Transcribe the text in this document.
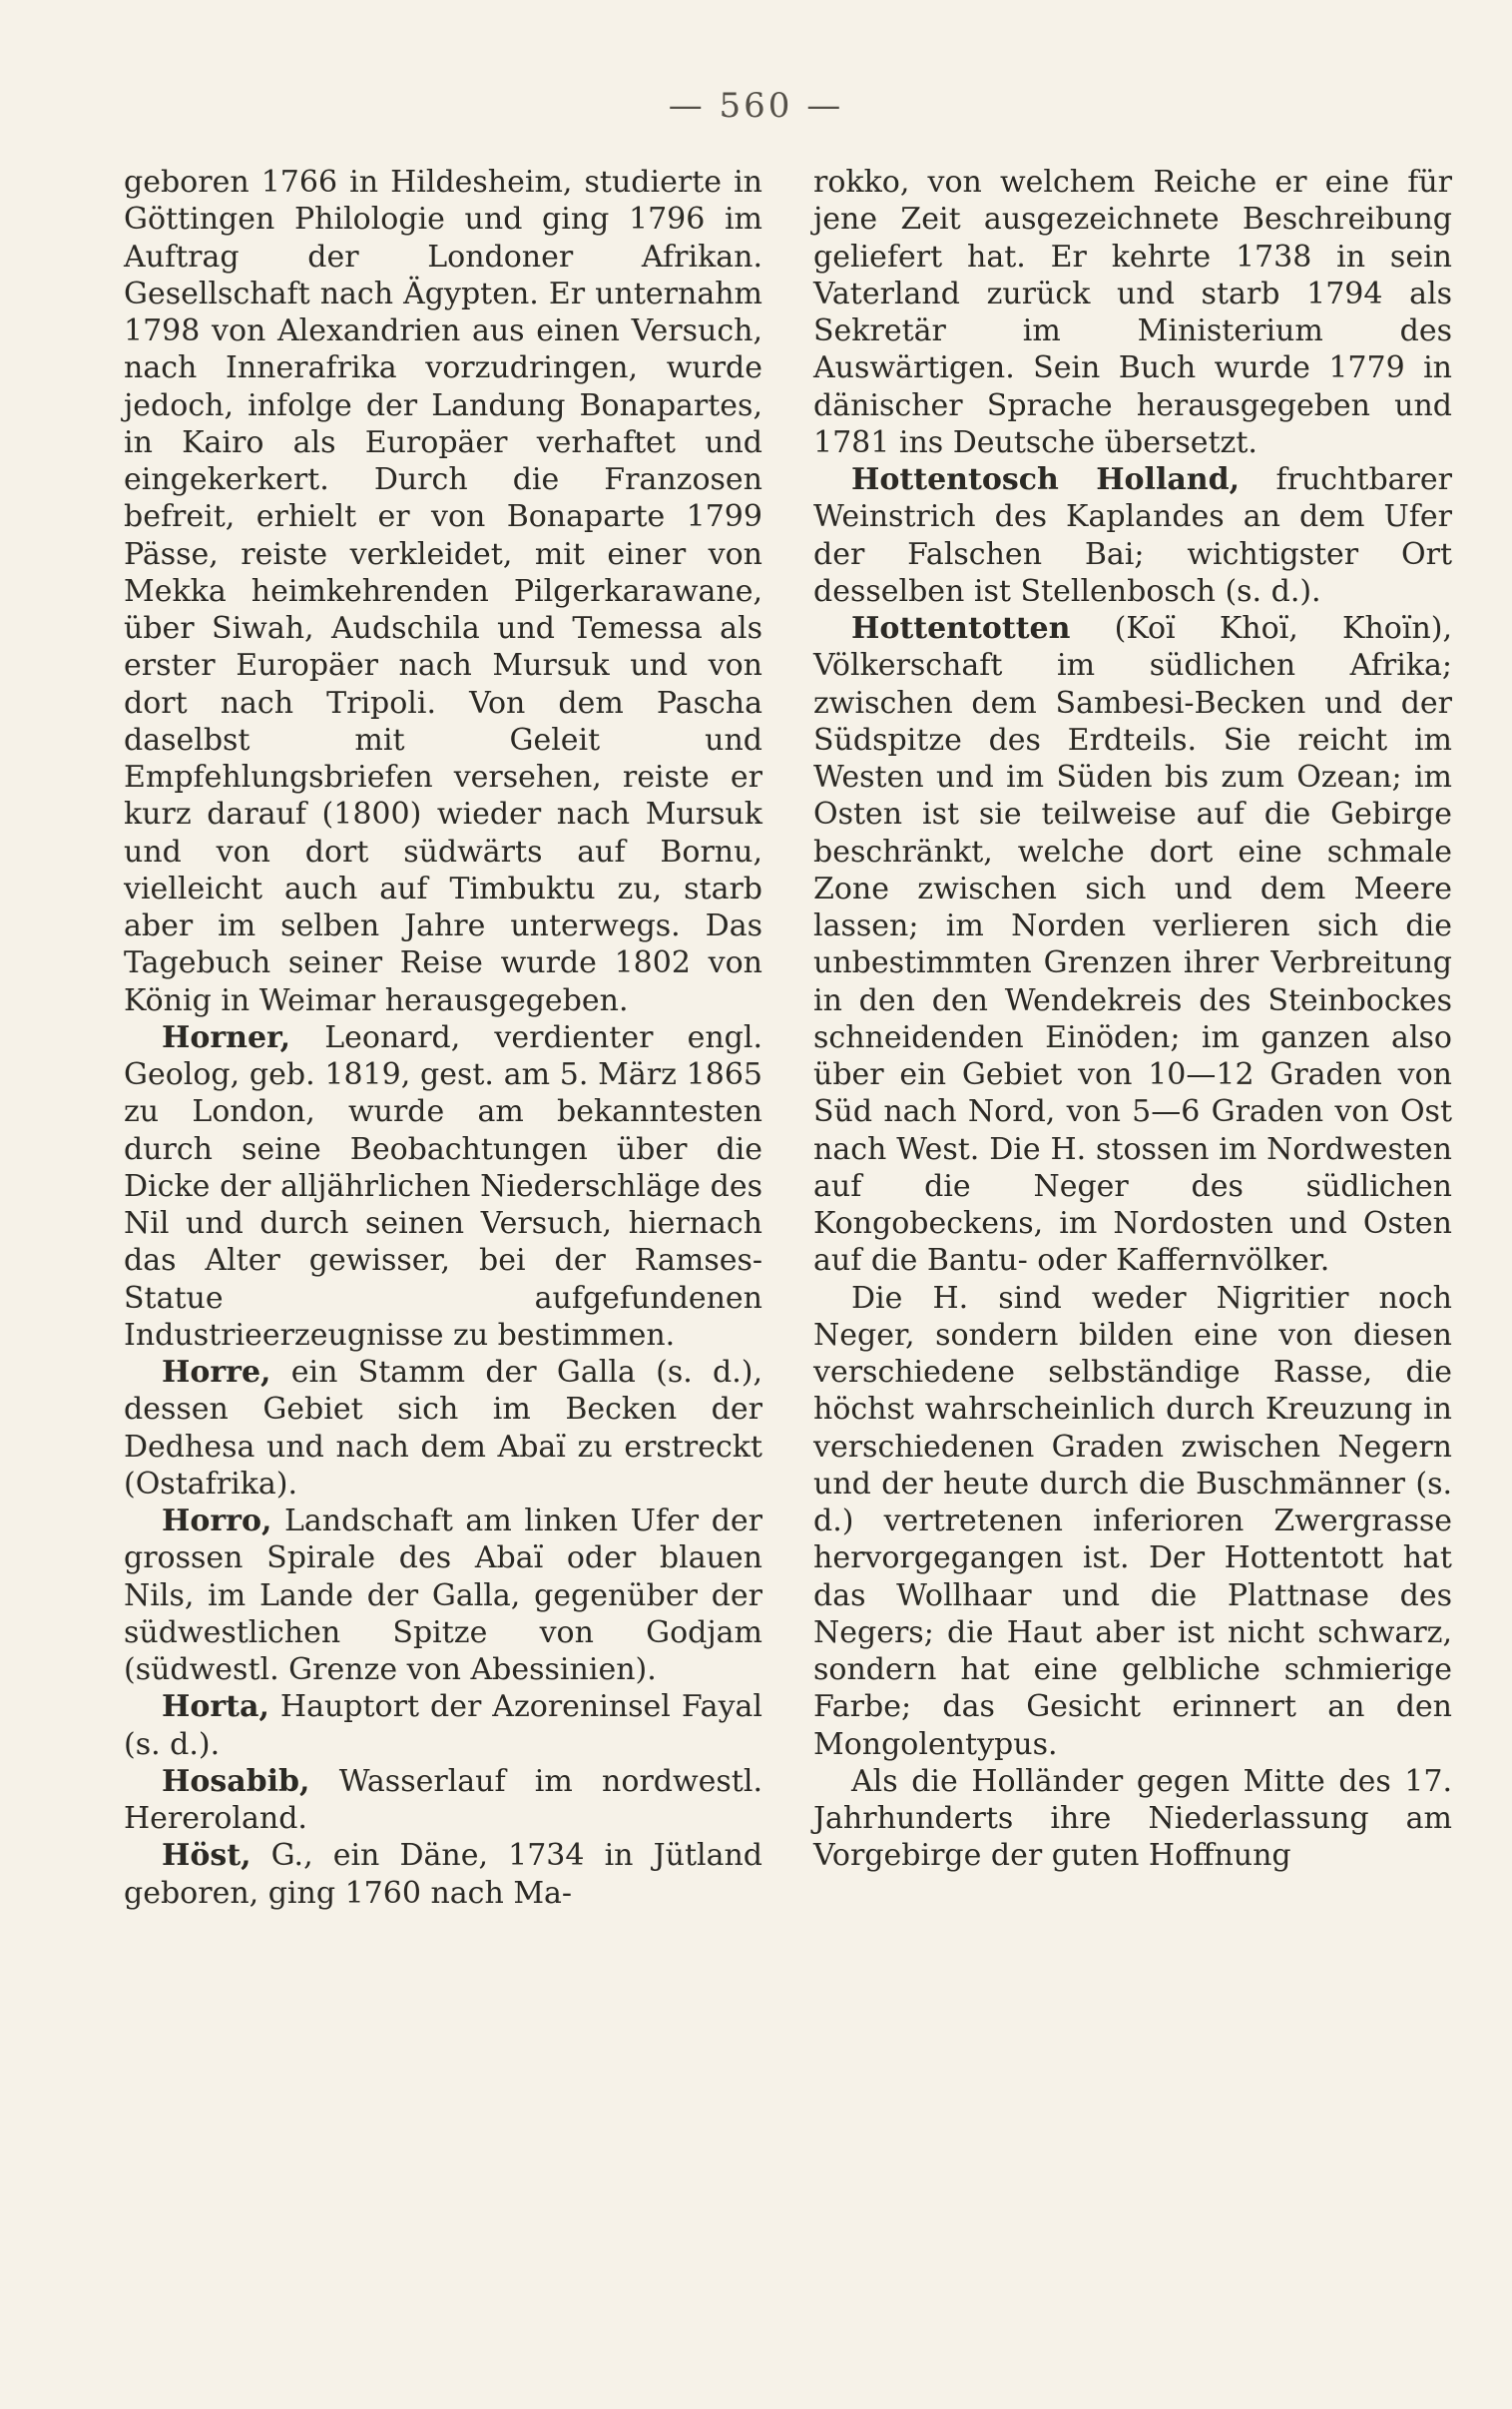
— 560 —

geboren 1766 in Hildesheim, studierte in Göttingen Philologie und ging 1796 im Auftrag der Londoner Afrikan. Gesellschaft nach Ägypten. Er unternahm 1798 von Alexandrien aus einen Versuch, nach Innerafrika vorzudringen, wurde jedoch, infolge der Landung Bonapartes, in Kairo als Europäer verhaftet und eingekerkert. Durch die Franzosen befreit, erhielt er von Bonaparte 1799 Pässe, reiste verkleidet, mit einer von Mekka heimkehrenden Pilgerkarawane, über Siwah, Audschila und Temessa als erster Europäer nach Mursuk und von dort nach Tripoli. Von dem Pascha daselbst mit Geleit und Empfehlungsbriefen versehen, reiste er kurz darauf (1800) wieder nach Mursuk und von dort südwärts auf Bornu, vielleicht auch auf Timbuktu zu, starb aber im selben Jahre unterwegs. Das Tagebuch seiner Reise wurde 1802 von König in Weimar herausgegeben.

Horner, Leonard, verdienter engl. Geolog, geb. 1819, gest. am 5. März 1865 zu London, wurde am bekanntesten durch seine Beobachtungen über die Dicke der alljährlichen Niederschläge des Nil und durch seinen Versuch, hiernach das Alter gewisser, bei der Ramses-Statue aufgefundenen Industrieerzeugnisse zu bestimmen.

Horre, ein Stamm der Galla (s. d.), dessen Gebiet sich im Becken der Dedhesa und nach dem Abaï zu erstreckt (Ostafrika).

Horro, Landschaft am linken Ufer der grossen Spirale des Abaï oder blauen Nils, im Lande der Galla, gegenüber der südwestlichen Spitze von Godjam (südwestl. Grenze von Abessinien).

Horta, Hauptort der Azoreninsel Fayal (s. d.).

Hosabib, Wasserlauf im nordwestl. Hereroland.

Höst, G., ein Däne, 1734 in Jütland geboren, ging 1760 nach Ma-

rokko, von welchem Reiche er eine für jene Zeit ausgezeichnete Beschreibung geliefert hat. Er kehrte 1738 in sein Vaterland zurück und starb 1794 als Sekretär im Ministerium des Auswärtigen. Sein Buch wurde 1779 in dänischer Sprache herausgegeben und 1781 ins Deutsche übersetzt.

Hottentosch Holland, fruchtbarer Weinstrich des Kaplandes an dem Ufer der Falschen Bai; wichtigster Ort desselben ist Stellenbosch (s. d.).

Hottentotten (Koï Khoï, Khoïn), Völkerschaft im südlichen Afrika; zwischen dem Sambesi-Becken und der Südspitze des Erdteils. Sie reicht im Westen und im Süden bis zum Ozean; im Osten ist sie teilweise auf die Gebirge beschränkt, welche dort eine schmale Zone zwischen sich und dem Meere lassen; im Norden verlieren sich die unbestimmten Grenzen ihrer Verbreitung in den den Wendekreis des Steinbockes schneidenden Einöden; im ganzen also über ein Gebiet von 10—12 Graden von Süd nach Nord, von 5—6 Graden von Ost nach West. Die H. stossen im Nordwesten auf die Neger des südlichen Kongobeckens, im Nordosten und Osten auf die Bantu- oder Kaffernvölker.

Die H. sind weder Nigritier noch Neger, sondern bilden eine von diesen verschiedene selbständige Rasse, die höchst wahrscheinlich durch Kreuzung in verschiedenen Graden zwischen Negern und der heute durch die Buschmänner (s. d.) vertretenen inferioren Zwergrasse hervorgegangen ist. Der Hottentott hat das Wollhaar und die Plattnase des Negers; die Haut aber ist nicht schwarz, sondern hat eine gelbliche schmierige Farbe; das Gesicht erinnert an den Mongolentypus.

Als die Holländer gegen Mitte des 17. Jahrhunderts ihre Niederlassung am Vorgebirge der guten Hoffnung
